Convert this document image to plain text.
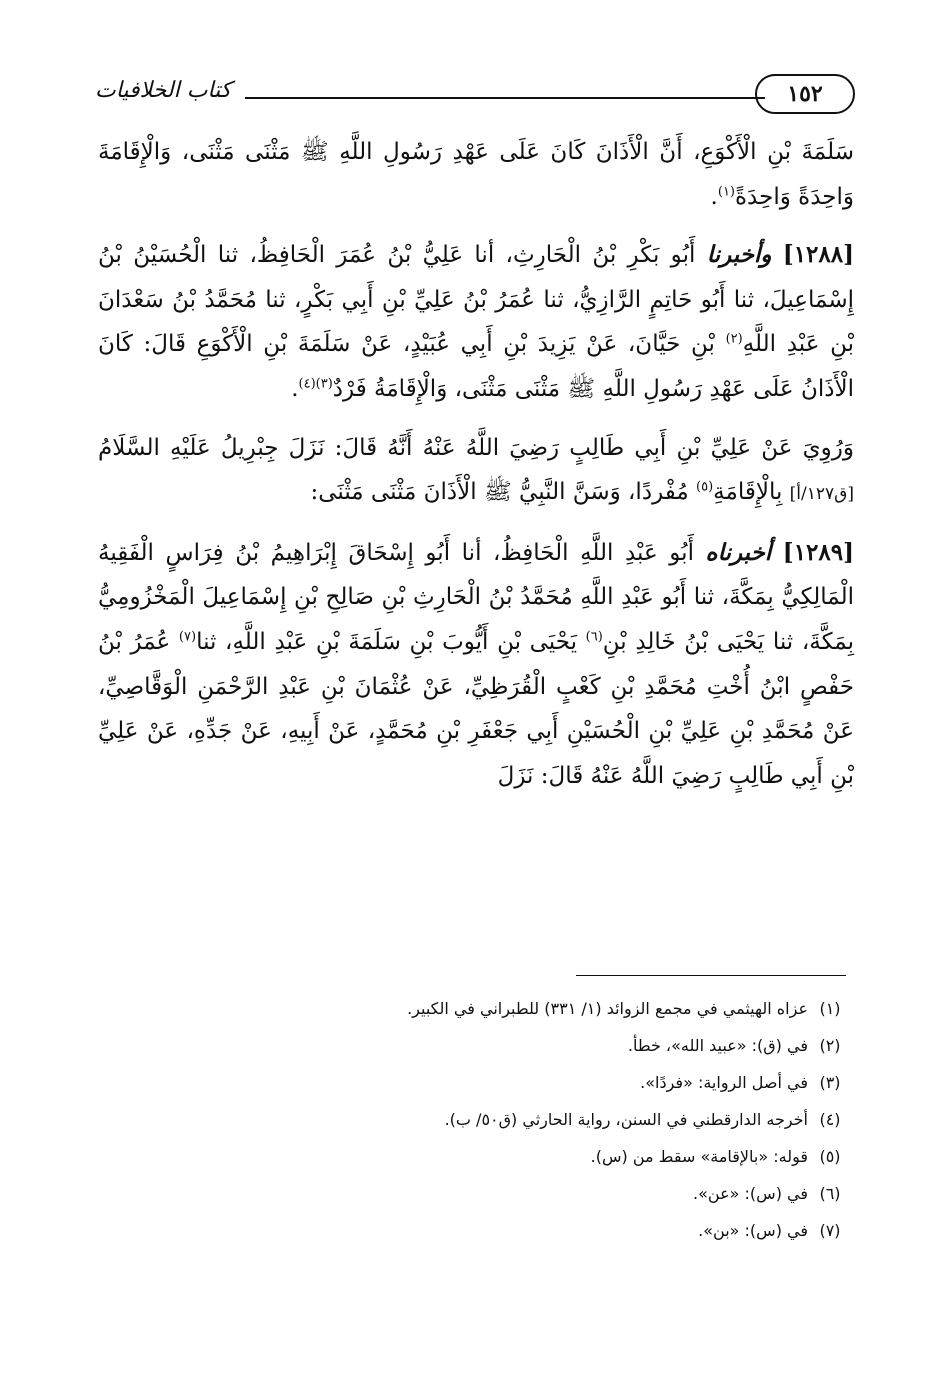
كتاب الخلافيات	١٥٢

سَلَمَةَ بْنِ الْأَكْوَعِ، أَنَّ الْأَذَانَ كَانَ عَلَى عَهْدِ رَسُولِ اللَّهِ ﷺ مَثْنَى مَثْنَى، وَالْإِقَامَةَ وَاحِدَةً وَاحِدَةً$^{(١)}$.

[١٢٨٨] وأخبرنا أَبُو بَكْرِ بْنُ الْحَارِثِ، أنا عَلِيُّ بْنُ عُمَرَ الْحَافِظُ، ثنا الْحُسَيْنُ بْنُ إِسْمَاعِيلَ، ثنا أَبُو حَاتِمٍ الرَّازِيُّ، ثنا عُمَرُ بْنُ عَلِيِّ بْنِ أَبِي بَكْرٍ، ثنا مُحَمَّدُ بْنُ سَعْدَانَ بْنِ عَبْدِ اللَّهِ$^{(٢)}$ بْنِ حَيَّانَ، عَنْ يَزِيدَ بْنِ أَبِي عُبَيْدٍ، عَنْ سَلَمَةَ بْنِ الْأَكْوَعِ قَالَ: كَانَ الْأَذَانُ عَلَى عَهْدِ رَسُولِ اللَّهِ ﷺ مَثْنَى مَثْنَى، وَالْإِقَامَةُ فَرْدٌ$^{(٣)(٤)}$.

وَرُوِيَ عَنْ عَلِيِّ بْنِ أَبِي طَالِبٍ رَضِيَ اللَّهُ عَنْهُ أَنَّهُ قَالَ: نَزَلَ جِبْرِيلُ عَلَيْهِ السَّلَامُ [ق١٢٧/أ] بِالْإِقَامَةِ$^{(٥)}$ مُفْردًا، وَسَنَّ النَّبِيُّ ﷺ الْأَذَانَ مَثْنَى مَثْنَى:

[١٢٨٩] أخبرناه أَبُو عَبْدِ اللَّهِ الْحَافِظُ، أنا أَبُو إِسْحَاقَ إِبْرَاهِيمُ بْنُ فِرَاسٍ الْفَقِيهُ الْمَالِكِيُّ بِمَكَّةَ، ثنا أَبُو عَبْدِ اللَّهِ مُحَمَّدُ بْنُ الْحَارِثِ بْنِ صَالِحِ بْنِ إِسْمَاعِيلَ الْمَخْزُومِيُّ بِمَكَّةَ، ثنا يَحْيَى بْنُ خَالِدِ بْنِ$^{(٦)}$ يَحْيَى بْنِ أَيُّوبَ بْنِ سَلَمَةَ بْنِ عَبْدِ اللَّهِ، ثنا$^{(٧)}$ عُمَرُ بْنُ حَفْصٍ ابْنُ أُخْتِ مُحَمَّدِ بْنِ كَعْبٍ الْقُرَظِيِّ، عَنْ عُثْمَانَ بْنِ عَبْدِ الرَّحْمَنِ الْوَقَّاصِيِّ، عَنْ مُحَمَّدِ بْنِ عَلِيِّ بْنِ الْحُسَيْنِ أَبِي جَعْفَرِ بْنِ مُحَمَّدٍ، عَنْ أَبِيهِ، عَنْ جَدِّهِ، عَنْ عَلِيِّ بْنِ أَبِي طَالِبٍ رَضِيَ اللَّهُ عَنْهُ قَالَ: نَزَلَ

(١)عزاه الهيثمي في مجمع الزوائد (١/ ٣٣١) للطبراني في الكبير.
(٢)في (ق): «عبيد الله»، خطأ.
(٣)في أصل الرواية: «فردًا».
(٤)أخرجه الدارقطني في السنن، رواية الحارثي (ق٥٠/ ب).
(٥)قوله: «بالإقامة» سقط من (س).
(٦)في (س): «عن».
(٧)في (س): «بن».
